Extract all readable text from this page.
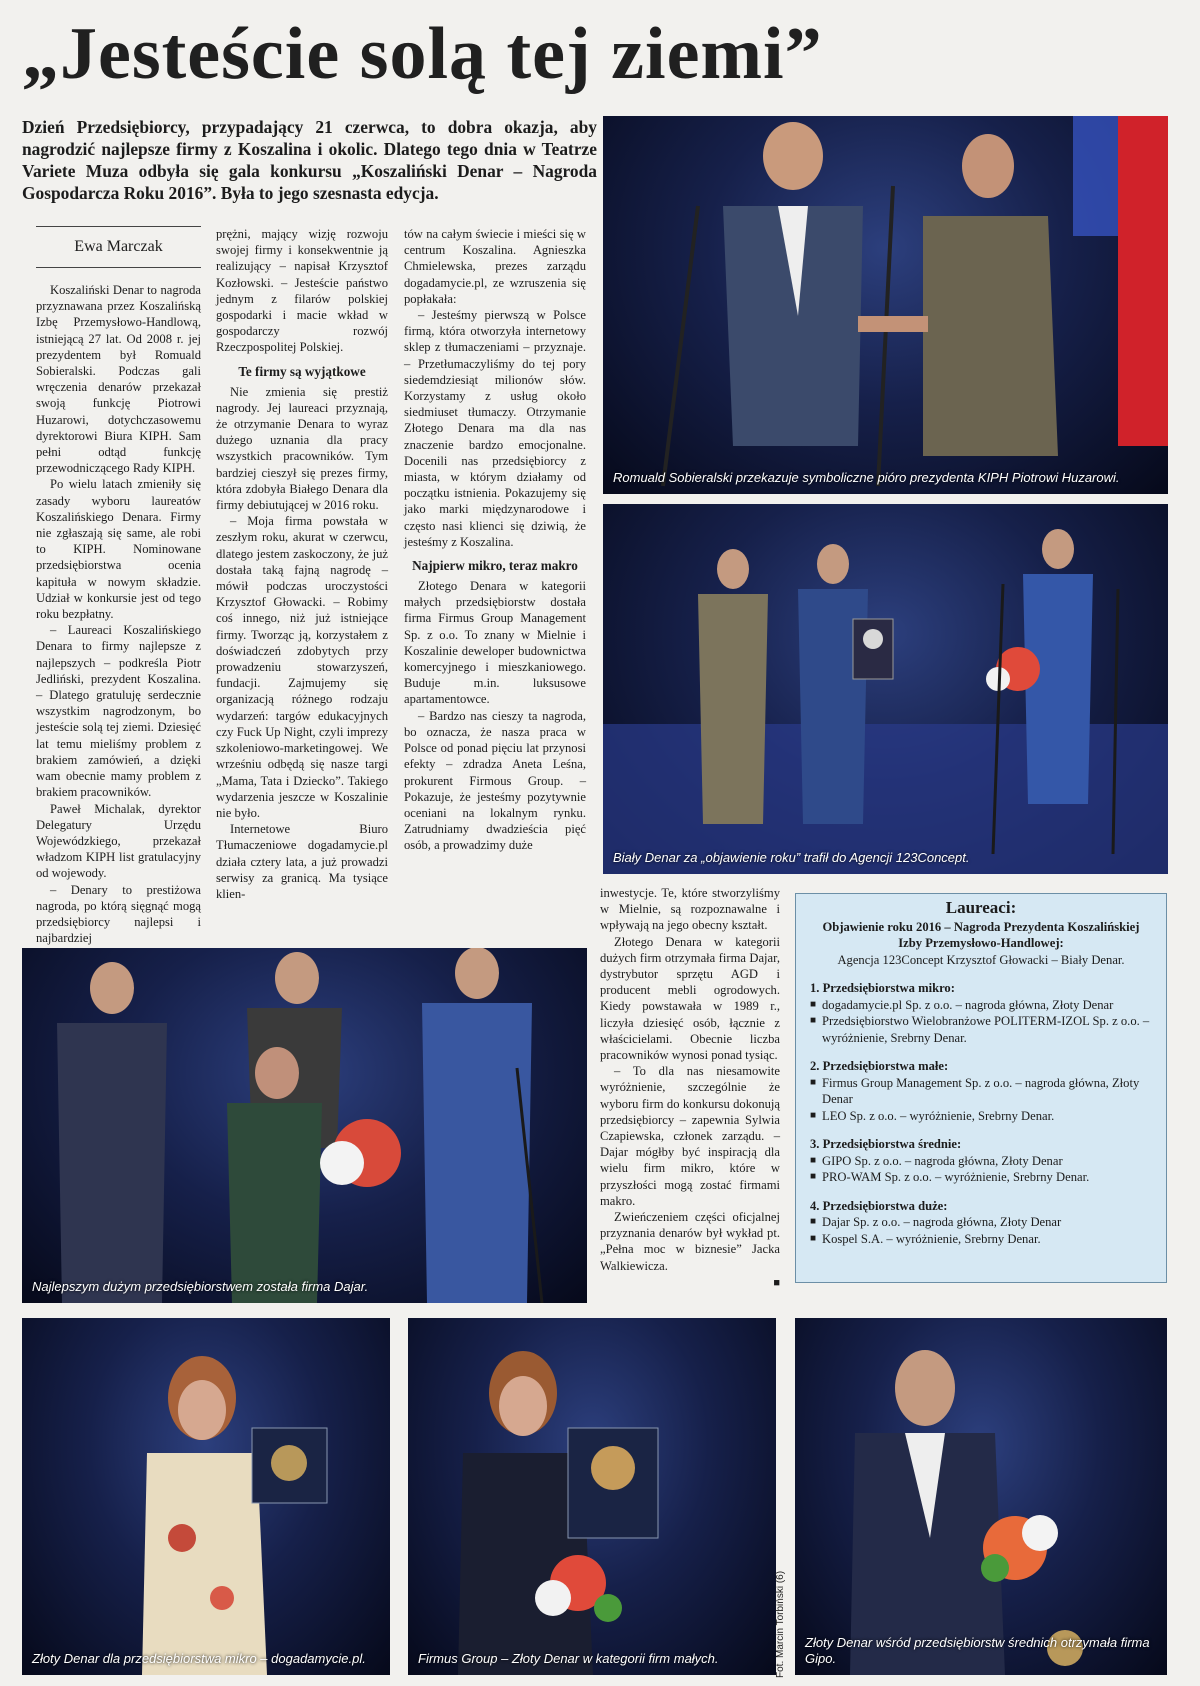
„Jesteście solą tej ziemi”
Dzień Przedsiębiorcy, przypadający 21 czerwca, to dobra okazja, aby nagrodzić najlepsze firmy z Koszalina i okolic. Dlatego tego dnia w Teatrze Variete Muza odbyła się gala konkursu „Koszaliński Denar – Nagroda Gospodarcza Roku 2016”. Była to jego szesnasta edycja.
Ewa Marczak

Koszaliński Denar to nagroda przyznawana przez Koszalińską Izbę Przemysłowo-Handlową, istniejącą 27 lat. Od 2008 r. jej prezydentem był Romuald Sobieralski. Podczas gali wręczenia denarów przekazał swoją funkcję Piotrowi Huzarowi, dotychczasowemu dyrektorowi Biura KIPH. Sam pełni odtąd funkcję przewodniczącego Rady KIPH.

Po wielu latach zmieniły się zasady wyboru laureatów Koszalińskiego Denara. Firmy nie zgłaszają się same, ale robi to KIPH. Nominowane przedsiębiorstwa ocenia kapituła w nowym składzie. Udział w konkursie jest od tego roku bezpłatny.

– Laureaci Koszalińskiego Denara to firmy najlepsze z najlepszych – podkreśla Piotr Jedliński, prezydent Koszalina. – Dlatego gratuluję serdecznie wszystkim nagrodzonym, bo jesteście solą tej ziemi. Dziesięć lat temu mieliśmy problem z brakiem zamówień, a dzięki wam obecnie mamy problem z brakiem pracowników.

Paweł Michalak, dyrektor Delegatury Urzędu Wojewódzkiego, przekazał władzom KIPH list gratulacyjny od wojewody.

– Denary to prestiżowa nagroda, po którą sięgnąć mogą przedsiębiorcy najlepsi i najbardziej

prężni, mający wizję rozwoju swojej firmy i konsekwentnie ją realizujący – napisał Krzysztof Kozłowski. – Jesteście państwo jednym z filarów polskiej gospodarki i macie wkład w gospodarczy rozwój Rzeczpospolitej Polskiej.

Te firmy są wyjątkowe

Nie zmienia się prestiż nagrody. Jej laureaci przyznają, że otrzymanie Denara to wyraz dużego uznania dla pracy wszystkich pracowników. Tym bardziej cieszył się prezes firmy, która zdobyła Białego Denara dla firmy debiutującej w 2016 roku.

– Moja firma powstała w zeszłym roku, akurat w czerwcu, dlatego jestem zaskoczony, że już dostała taką fajną nagrodę – mówił podczas uroczystości Krzysztof Głowacki. – Robimy coś innego, niż już istniejące firmy. Tworząc ją, korzystałem z doświadczeń zdobytych przy prowadzeniu stowarzyszeń, fundacji. Zajmujemy się organizacją różnego rodzaju wydarzeń: targów edukacyjnych czy Fuck Up Night, czyli imprezy szkoleniowo-marketingowej. We wrześniu odbędą się nasze targi „Mama, Tata i Dziecko”. Takiego wydarzenia jeszcze w Koszalinie nie było.

Internetowe Biuro Tłumaczeniowe dogadamycie.pl działa cztery lata, a już prowadzi serwisy za granicą. Ma tysiące klien-

tów na całym świecie i mieści się w centrum Koszalina. Agnieszka Chmielewska, prezes zarządu dogadamycie.pl, ze wzruszenia się popłakała:

– Jesteśmy pierwszą w Polsce firmą, która otworzyła internetowy sklep z tłumaczeniami – przyznaje. – Przetłumaczyliśmy do tej pory siedemdziesiąt milionów słów. Korzystamy z usług około siedmiuset tłumaczy. Otrzymanie Złotego Denara ma dla nas znaczenie bardzo emocjonalne. Docenili nas przedsiębiorcy z miasta, w którym działamy od początku istnienia. Pokazujemy się jako marki międzynarodowe i często nasi klienci się dziwią, że jesteśmy z Koszalina.

Najpierw mikro, teraz makro

Złotego Denara w kategorii małych przedsiębiorstw dostała firma Firmus Group Management Sp. z o.o. To znany w Mielnie i Koszalinie deweloper budownictwa komercyjnego i mieszkaniowego. Buduje m.in. luksusowe apartamentowce.

– Bardzo nas cieszy ta nagroda, bo oznacza, że nasza praca w Polsce od ponad pięciu lat przynosi efekty – zdradza Aneta Leśna, prokurent Firmous Group. – Pokazuje, że jesteśmy pozytywnie oceniani na lokalnym rynku. Zatrudniamy dwadzieścia pięć osób, a prowadzimy duże

inwestycje. Te, które stworzyliśmy w Mielnie, są rozpoznawalne i wpływają na jego obecny kształt.

Złotego Denara w kategorii dużych firm otrzymała firma Dajar, dystrybutor sprzętu AGD i producent mebli ogrodowych. Kiedy powstawała w 1989 r., liczyła dziesięć osób, łącznie z właścicielami. Obecnie liczba pracowników wynosi ponad tysiąc.

– To dla nas niesamowite wyróżnienie, szczególnie że wyboru firm do konkursu dokonują przedsiębiorcy – zapewnia Sylwia Czapiewska, członek zarządu. – Dajar mógłby być inspiracją dla wielu firm mikro, które w przyszłości mogą zostać firmami makro.

Zwieńczeniem części oficjalnej przyznania denarów był wykład pt. „Pełna moc w biznesie” Jacka Walkiewicza.

■
Romuald Sobieralski przekazuje symboliczne pióro prezydenta KIPH Piotrowi Huzarowi.
Biały Denar za „objawienie roku” trafił do Agencji 123Concept.
Najlepszym dużym przedsiębiorstwem została firma Dajar.
Laureaci:
Objawienie roku 2016 – Nagroda Prezydenta Koszalińskiej Izby Przemysłowo-Handlowej:
Agencja 123Concept Krzysztof Głowacki – Biały Denar.
1. Przedsiębiorstwa mikro:
■ dogadamycie.pl Sp. z o.o. – nagroda główna, Złoty Denar
■ Przedsiębiorstwo Wielobranżowe POLITERM-IZOL Sp. z o.o. – wyróżnienie, Srebrny Denar.
2. Przedsiębiorstwa małe:
■ Firmus Group Management Sp. z o.o. – nagroda główna, Złoty Denar
■ LEO Sp. z o.o. – wyróżnienie, Srebrny Denar.
3. Przedsiębiorstwa średnie:
■ GIPO Sp. z o.o. – nagroda główna, Złoty Denar
■ PRO-WAM Sp. z o.o. – wyróżnienie, Srebrny Denar.
4. Przedsiębiorstwa duże:
■ Dajar Sp. z o.o. – nagroda główna, Złoty Denar
■ Kospel S.A. – wyróżnienie, Srebrny Denar.
Złoty Denar dla przedsiębiorstwa mikro – dogadamycie.pl.	Firmus Group – Złoty Denar w kategorii firm małych.	Fot. Marcin Torbiński (6) Złoty Denar wśród przedsiębiorstw średnich otrzymała firma Gipo.
